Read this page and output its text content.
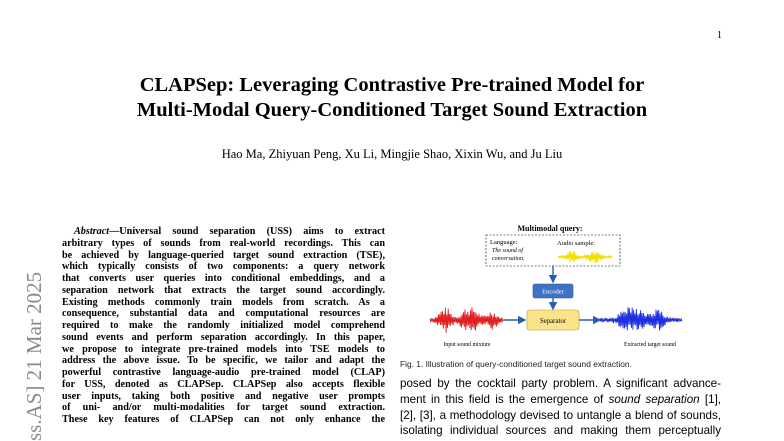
1
CLAPSep: Leveraging Contrastive Pre-trained Model for
Multi-Modal Query-Conditioned Target Sound Extraction
Hao Ma, Zhiyuan Peng, Xu Li, Mingjie Shao, Xixin Wu, and Ju Liu
ss.AS] 21 Mar 2025
Abstract—Universal sound separation (USS) aims to extract
arbitrary types of sounds from real-world recordings. This can
be achieved by language-queried target sound extraction (TSE),
which typically consists of two components: a query network
that converts user queries into conditional embeddings, and a
separation network that extracts the target sound accordingly.
Existing methods commonly train models from scratch. As a
consequence, substantial data and computational resources are
required to make the randomly initialized model comprehend
sound events and perform separation accordingly. In this paper,
we propose to integrate pre-trained models into TSE models to
address the above issue. To be specific, we tailor and adapt the
powerful contrastive language-audio pre-trained model (CLAP)
for USS, denoted as CLAPSep. CLAPSep also accepts flexible
user inputs, taking both positive and negative user prompts
of uni- and/or multi-modalities for target sound extraction.
These key features of CLAPSep can not only enhance the
Multimodal query:
Language:
The sound of
conversation.
Audio sample:
Encoder
Separator
Input sound mixture	Extracted target sound
Fig. 1. Illustration of query-conditioned target sound extraction.
posed by the cocktail party problem. A significant advance-
ment in this field is the emergence of sound separation [1],
[2], [3], a methodology devised to untangle a blend of sounds,
isolating individual sources and making them perceptually
